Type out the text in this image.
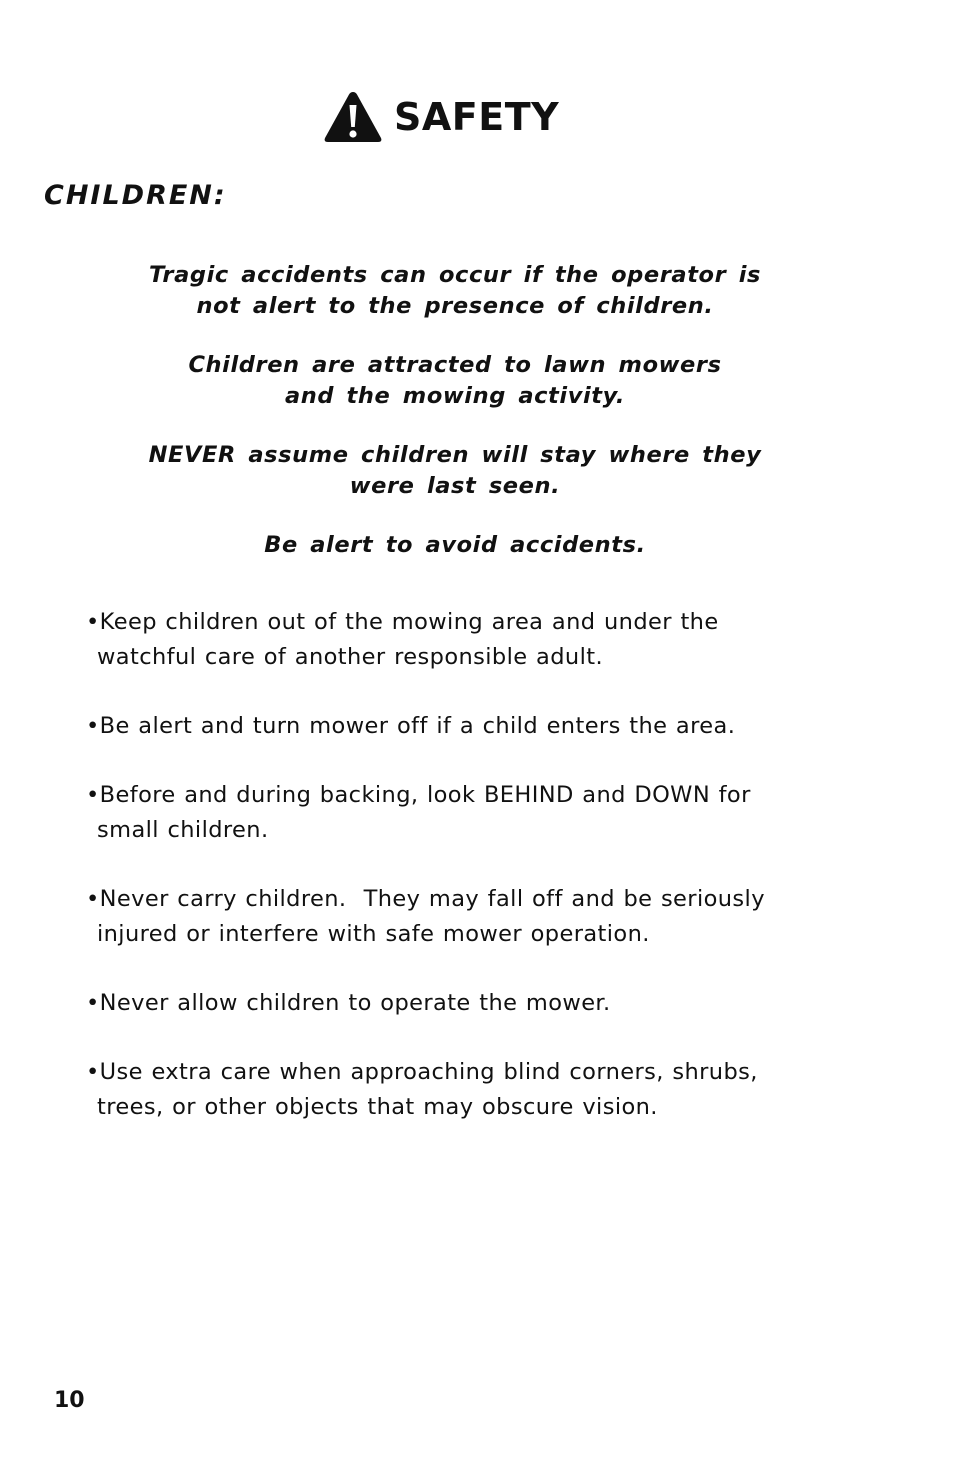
SAFETY
CHILDREN:

Tragic accidents can occur if the operator is
not alert to the presence of children.

Children are attracted to lawn mowers
and the mowing activity.

NEVER assume children will stay where they
were last seen.

Be alert to avoid accidents.

•Keep children out of the mowing area and under the
watchful care of another responsible adult.
•Be alert and turn mower off if a child enters the area.
•Before and during backing, look BEHIND and DOWN for
small children.
•Never carry children.  They may fall off and be seriously
injured or interfere with safe mower operation.
•Never allow children to operate the mower.
•Use extra care when approaching blind corners, shrubs,
trees, or other objects that may obscure vision.
10
